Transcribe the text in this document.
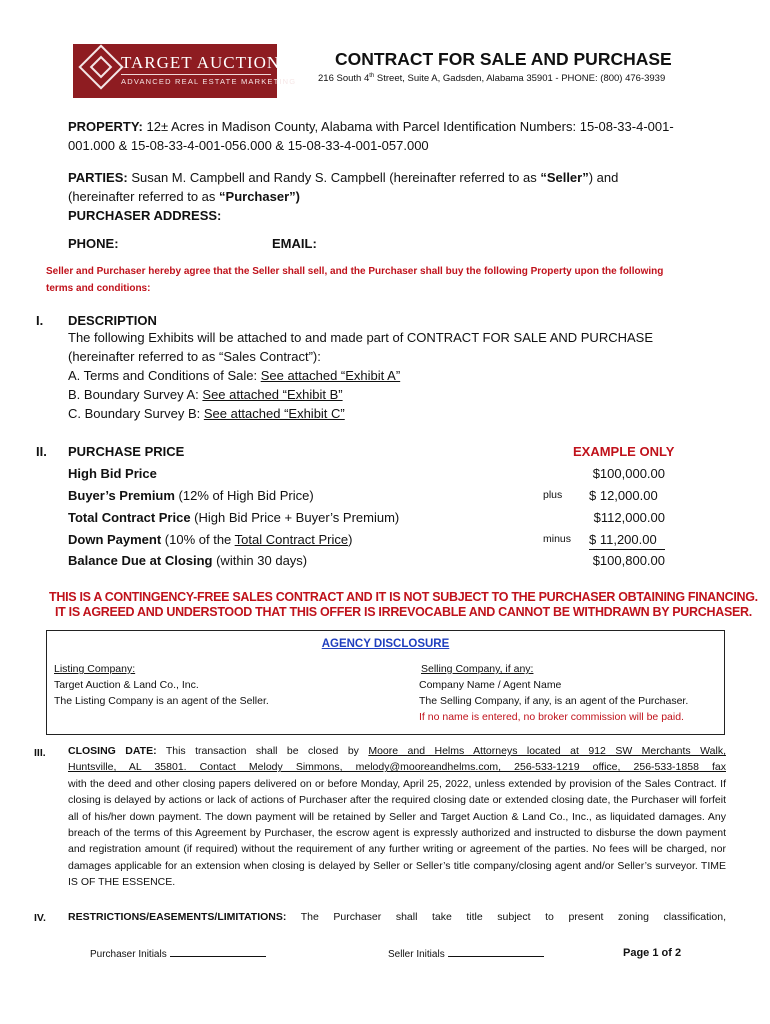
TARGET AUCTION
ADVANCED REAL ESTATE MARKETING
CONTRACT FOR SALE AND PURCHASE
216 South 4th Street, Suite A, Gadsden, Alabama 35901 - PHONE: (800) 476-3939
PROPERTY: 12± Acres in Madison County, Alabama with Parcel Identification Numbers: 15-08-33-4-001-
001.000 & 15-08-33-4-001-056.000 & 15-08-33-4-001-057.000
PARTIES: Susan M. Campbell and Randy S. Campbell (hereinafter referred to as “Seller”) and
(hereinafter referred to as “Purchaser”)
PURCHASER ADDRESS:
PHONE:	EMAIL:
Seller and Purchaser hereby agree that the Seller shall sell, and the Purchaser shall buy the following Property upon the following
terms and conditions:
I. DESCRIPTION
The following Exhibits will be attached to and made part of CONTRACT FOR SALE AND PURCHASE
(hereinafter referred to as “Sales Contract”):
A. Terms and Conditions of Sale: See attached “Exhibit A”
B. Boundary Survey A: See attached “Exhibit B”
C. Boundary Survey B: See attached “Exhibit C”
II. PURCHASE PRICE	EXAMPLE ONLY
High Bid Price	$100,000.00
Buyer’s Premium (12% of High Bid Price)	plus $ 12,000.00
Total Contract Price (High Bid Price + Buyer’s Premium)	$112,000.00
Down Payment (10% of the Total Contract Price)	minus $ 11,200.00
Balance Due at Closing (within 30 days)	$100,800.00
THIS IS A CONTINGENCY-FREE SALES CONTRACT AND IT IS NOT SUBJECT TO THE PURCHASER OBTAINING FINANCING.
IT IS AGREED AND UNDERSTOOD THAT THIS OFFER IS IRREVOCABLE AND CANNOT BE WITHDRAWN BY PURCHASER.
AGENCY DISCLOSURE
Listing Company:
Target Auction & Land Co., Inc.
The Listing Company is an agent of the Seller.
Selling Company, if any:
Company Name / Agent Name
The Selling Company, if any, is an agent of the Purchaser.
If no name is entered, no broker commission will be paid.
III. CLOSING DATE: This transaction shall be closed by Moore and Helms Attorneys located at 912 SW Merchants Walk,
Huntsville, AL 35801. Contact Melody Simmons, melody@mooreandhelms.com, 256-533-1219 office, 256-533-1858 fax
with the deed and other closing papers delivered on or before Monday, April 25, 2022, unless extended by provision of the Sales Contract. If closing is delayed by actions or lack of actions of Purchaser after the required closing date or extended closing date, the Purchaser will forfeit all of his/her down payment. The down payment will be retained by Seller and Target Auction & Land Co., Inc., as liquidated damages. Any breach of the terms of this Agreement by Purchaser, the escrow agent is expressly authorized and instructed to disburse the down payment and registration amount (if required) without the requirement of any further writing or agreement of the parties. No fees will be charged, nor damages applicable for an extension when closing is delayed by Seller or Seller’s title company/closing agent and/or Seller’s surveyor. TIME IS OF THE ESSENCE.
IV. RESTRICTIONS/EASEMENTS/LIMITATIONS: The Purchaser shall take title subject to present zoning classification,
Purchaser Initials	Seller Initials	Page 1 of 2
